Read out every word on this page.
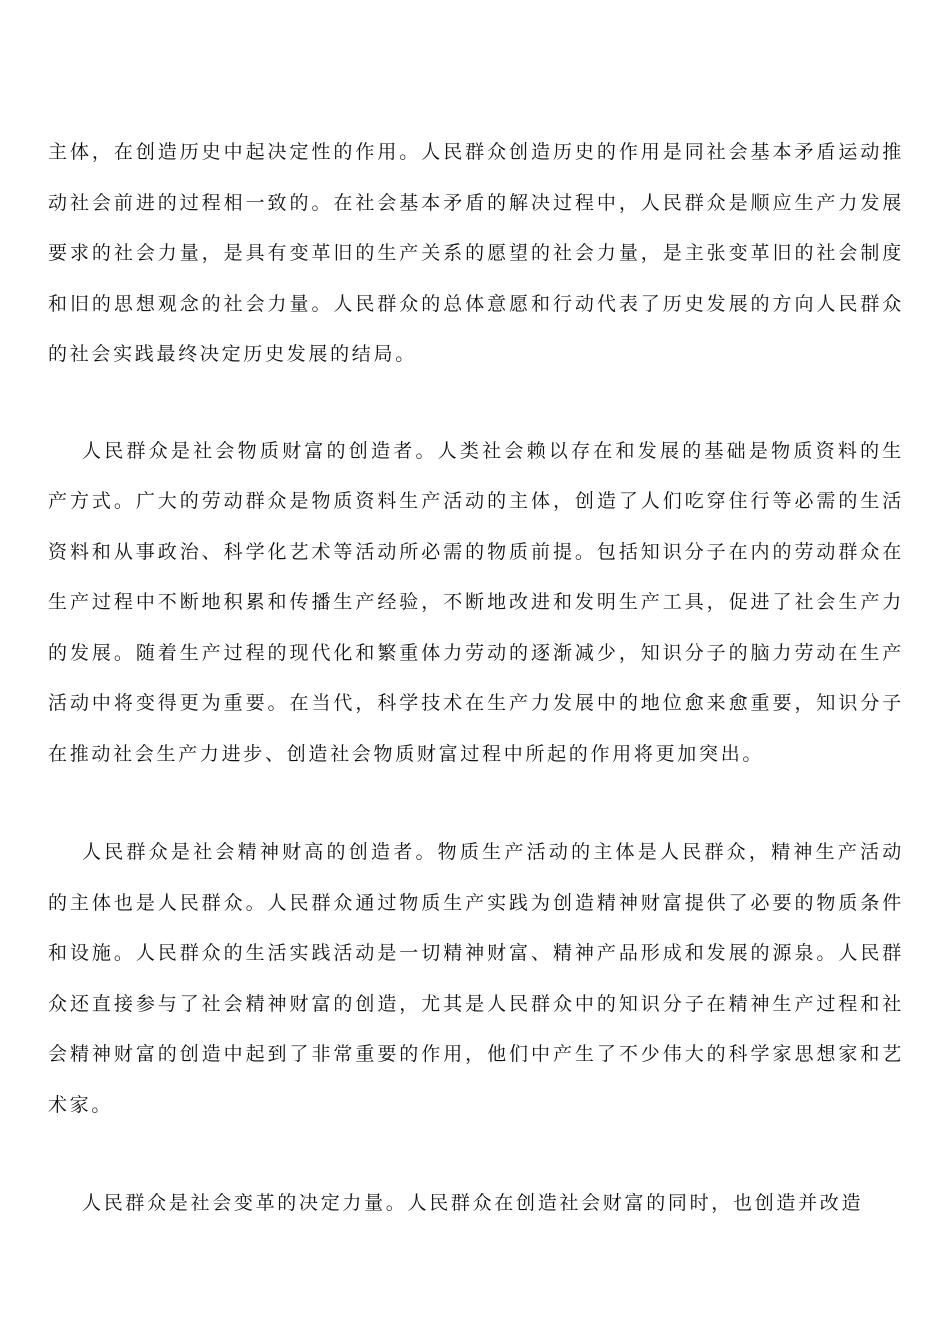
主体，在创造历史中起决定性的作用。人民群众创造历史的作用是同社会基本矛盾运动推动社会前进的过程相一致的。在社会基本矛盾的解决过程中，人民群众是顺应生产力发展要求的社会力量，是具有变革旧的生产关系的愿望的社会力量，是主张变革旧的社会制度和旧的思想观念的社会力量。人民群众的总体意愿和行动代表了历史发展的方向人民群众的社会实践最终决定历史发展的结局。

人民群众是社会物质财富的创造者。人类社会赖以存在和发展的基础是物质资料的生产方式。广大的劳动群众是物质资料生产活动的主体，创造了人们吃穿住行等必需的生活资料和从事政治、科学化艺术等活动所必需的物质前提。包括知识分子在内的劳动群众在生产过程中不断地积累和传播生产经验，不断地改进和发明生产工具，促进了社会生产力的发展。随着生产过程的现代化和繁重体力劳动的逐渐减少，知识分子的脑力劳动在生产活动中将变得更为重要。在当代，科学技术在生产力发展中的地位愈来愈重要，知识分子在推动社会生产力进步、创造社会物质财富过程中所起的作用将更加突出。

人民群众是社会精神财高的创造者。物质生产活动的主体是人民群众，精神生产活动的主体也是人民群众。人民群众通过物质生产实践为创造精神财富提供了必要的物质条件和设施。人民群众的生活实践活动是一切精神财富、精神产品形成和发展的源泉。人民群众还直接参与了社会精神财富的创造，尤其是人民群众中的知识分子在精神生产过程和社会精神财富的创造中起到了非常重要的作用，他们中产生了不少伟大的科学家思想家和艺术家。

人民群众是社会变革的决定力量。人民群众在创造社会财富的同时，也创造并改造
